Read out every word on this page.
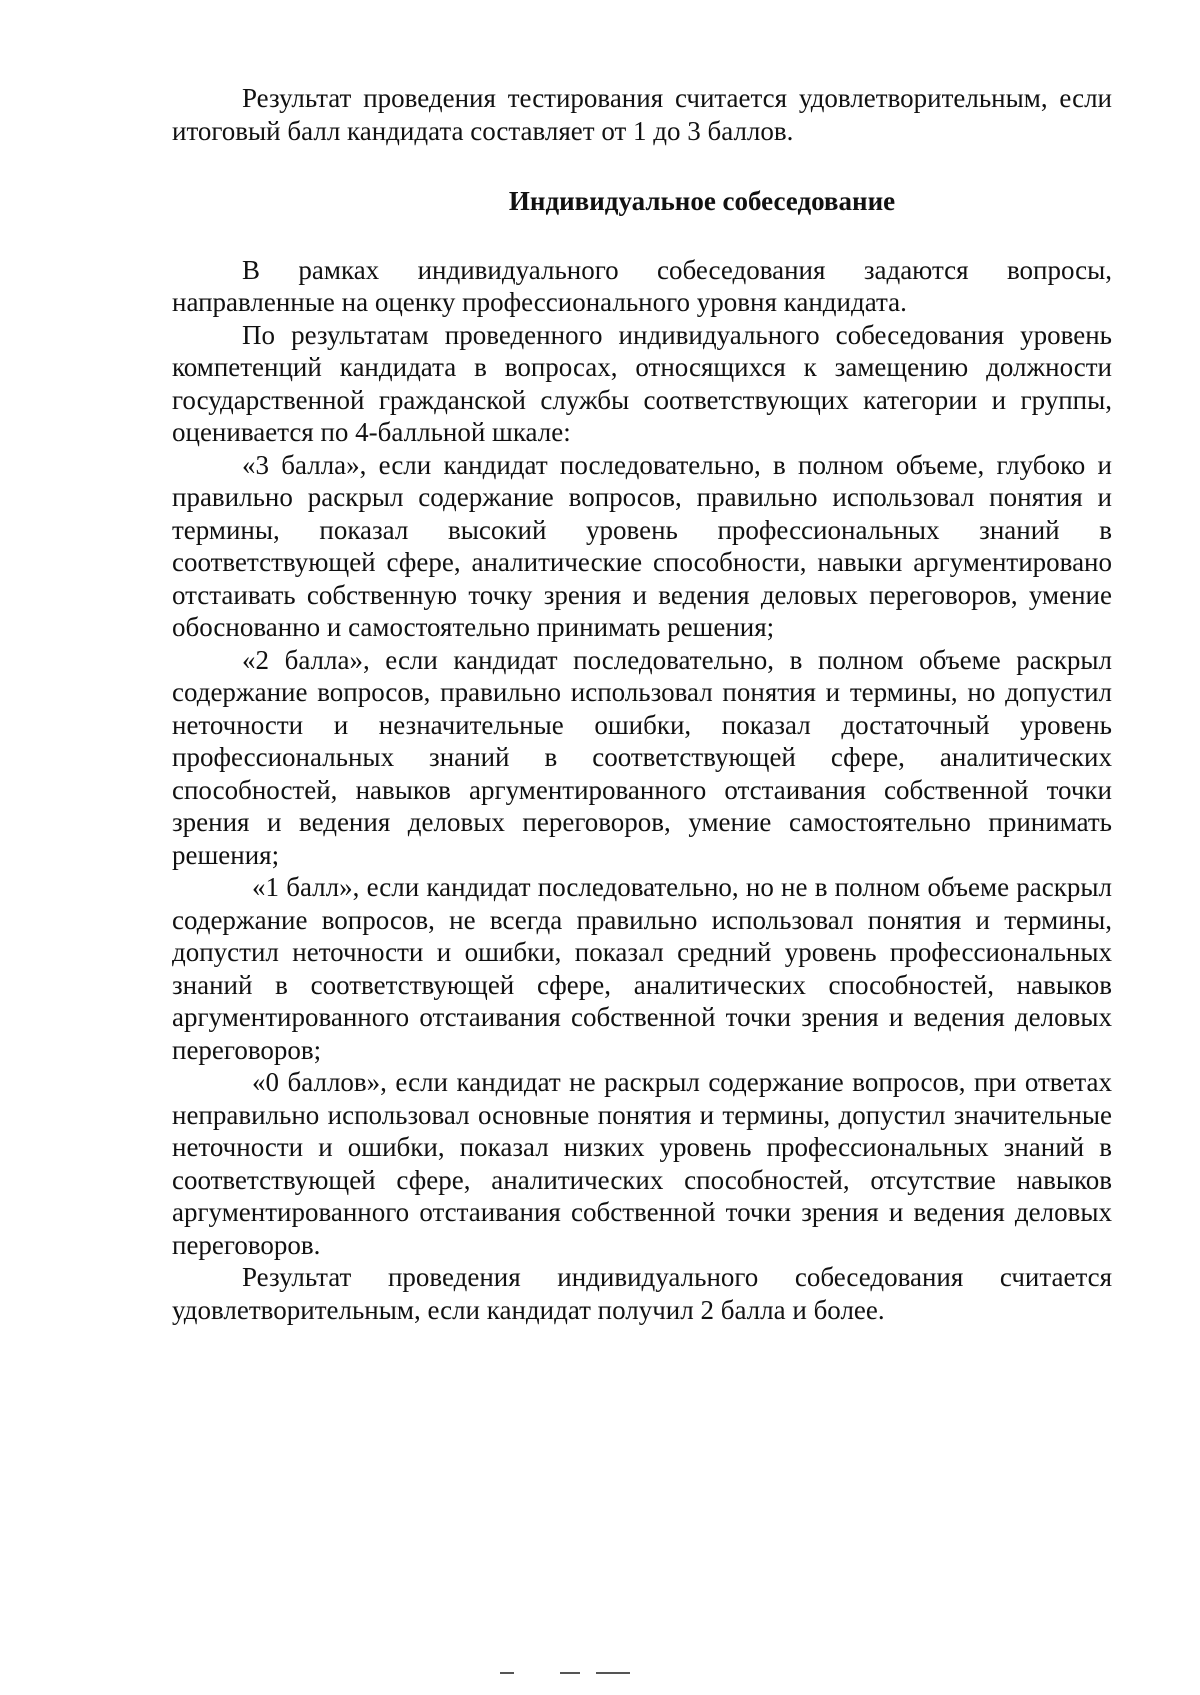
Результат проведения тестирования считается удовлетворительным, если итоговый балл кандидата составляет от 1 до 3 баллов.

Индивидуальное собеседование

В рамках индивидуального собеседования задаются вопросы, направленные на оценку профессионального уровня кандидата.

По результатам проведенного индивидуального собеседования уровень компетенций кандидата в вопросах, относящихся к замещению должности государственной гражданской службы соответствующих категории и группы, оценивается по 4-балльной шкале:

«3 балла», если кандидат последовательно, в полном объеме, глубоко и правильно раскрыл содержание вопросов, правильно использовал понятия и термины, показал высокий уровень профессиональных знаний в соответствующей сфере, аналитические способности, навыки аргументировано отстаивать собственную точку зрения и ведения деловых переговоров, умение обоснованно и самостоятельно принимать решения;

«2 балла», если кандидат последовательно, в полном объеме раскрыл содержание вопросов, правильно использовал понятия и термины, но допустил неточности и незначительные ошибки, показал достаточный уровень профессиональных знаний в соответствующей сфере, аналитических способностей, навыков аргументированного отстаивания собственной точки зрения и ведения деловых переговоров, умение самостоятельно принимать решения;

«1 балл», если кандидат последовательно, но не в полном объеме раскрыл содержание вопросов, не всегда правильно использовал понятия и термины, допустил неточности и ошибки, показал средний уровень профессиональных знаний в соответствующей сфере, аналитических способностей, навыков аргументированного отстаивания собственной точки зрения и ведения деловых переговоров;

«0 баллов», если кандидат не раскрыл содержание вопросов, при ответах неправильно использовал основные понятия и термины, допустил значительные неточности и ошибки, показал низких уровень профессиональных знаний в соответствующей сфере, аналитических способностей, отсутствие навыков аргументированного отстаивания собственной точки зрения и ведения деловых переговоров.

Результат проведения индивидуального собеседования считается удовлетворительным, если кандидат получил 2 балла и более.
